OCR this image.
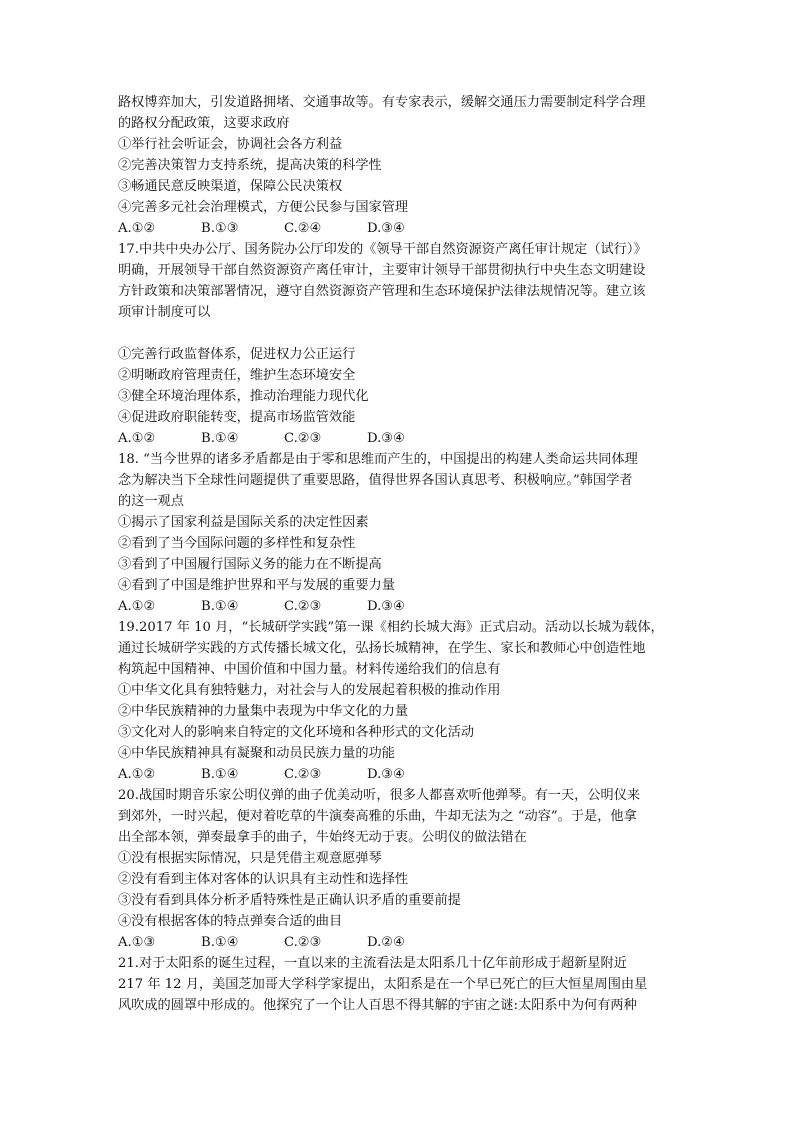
路权博弈加大，引发道路拥堵、交通事故等。有专家表示，缓解交通压力需要制定科学合理
的路权分配政策，这要求政府
①举行社会听证会，协调社会各方利益
②完善决策智力支持系统，提高决策的科学性
③畅通民意反映渠道，保障公民决策权
④完善多元社会治理模式，方便公民参与国家管理
A.①②	B.①③	C.②④	D.③④
17.中共中央办公厅、国务院办公厅印发的《领导干部自然资源资产离任审计规定（试行）》
明确，开展领导干部自然资源资产离任审计，主要审计领导干部贯彻执行中央生态文明建设
方针政策和决策部署情况，遵守自然资源资产管理和生态环境保护法律法规情况等。建立该
项审计制度可以
①完善行政监督体系，促进权力公正运行
②明晰政府管理责任，维护生态环境安全
③健全环境治理体系，推动治理能力现代化
④促进政府职能转变，提高市场监管效能
A.①②	B.①④	C.②③	D.③④
18. “当今世界的诸多矛盾都是由于零和思维而产生的，中国提出的构建人类命运共同体理
念为解决当下全球性问题提供了重要思路，值得世界各国认真思考、积极响应。”韩国学者
的这一观点
①揭示了国家利益是国际关系的决定性因素
②看到了当今国际问题的多样性和复杂性
③看到了中国履行国际义务的能力在不断提高
④看到了中国是维护世界和平与发展的重要力量
A.①②	B.①④	C.②③	D.③④
19.2017 年 10 月，“长城研学实践”第一课《相约长城大海》正式启动。活动以长城为载体，
通过长城研学实践的方式传播长城文化，弘扬长城精神，在学生、家长和教师心中创造性地
构筑起中国精神、中国价值和中国力量。材料传递给我们的信息有
①中华文化具有独特魅力，对社会与人的发展起着积极的推动作用
②中华民族精神的力量集中表现为中华文化的力量
③文化对人的影响来自特定的文化环境和各种形式的文化活动
④中华民族精神具有凝聚和动员民族力量的功能
A.①②	B.①④	C.②③	D.③④
20.战国时期音乐家公明仪弹的曲子优美动听，很多人都喜欢听他弹琴。有一天，公明仪来
到郊外，一时兴起，便对着吃草的牛演奏高雅的乐曲，牛却无法为之 “动容”。于是，他拿
出全部本领，弹奏最拿手的曲子，牛始终无动于衷。公明仪的做法错在
①没有根据实际情况，只是凭借主观意愿弹琴
②没有看到主体对客体的认识具有主动性和选择性
③没有看到具体分析矛盾特殊性是正确认识矛盾的重要前提
④没有根据客体的特点弹奏合适的曲目
A.①③	B.①④	C.②③	D.②④
21.对于太阳系的诞生过程，一直以来的主流看法是太阳系几十亿年前形成于超新星附近
217 年 12 月，美国芝加哥大学科学家提出，太阳系是在一个早已死亡的巨大恒星周围由星
风吹成的圆罩中形成的。他探究了一个让人百思不得其解的宇宙之谜:太阳系中为何有两种
